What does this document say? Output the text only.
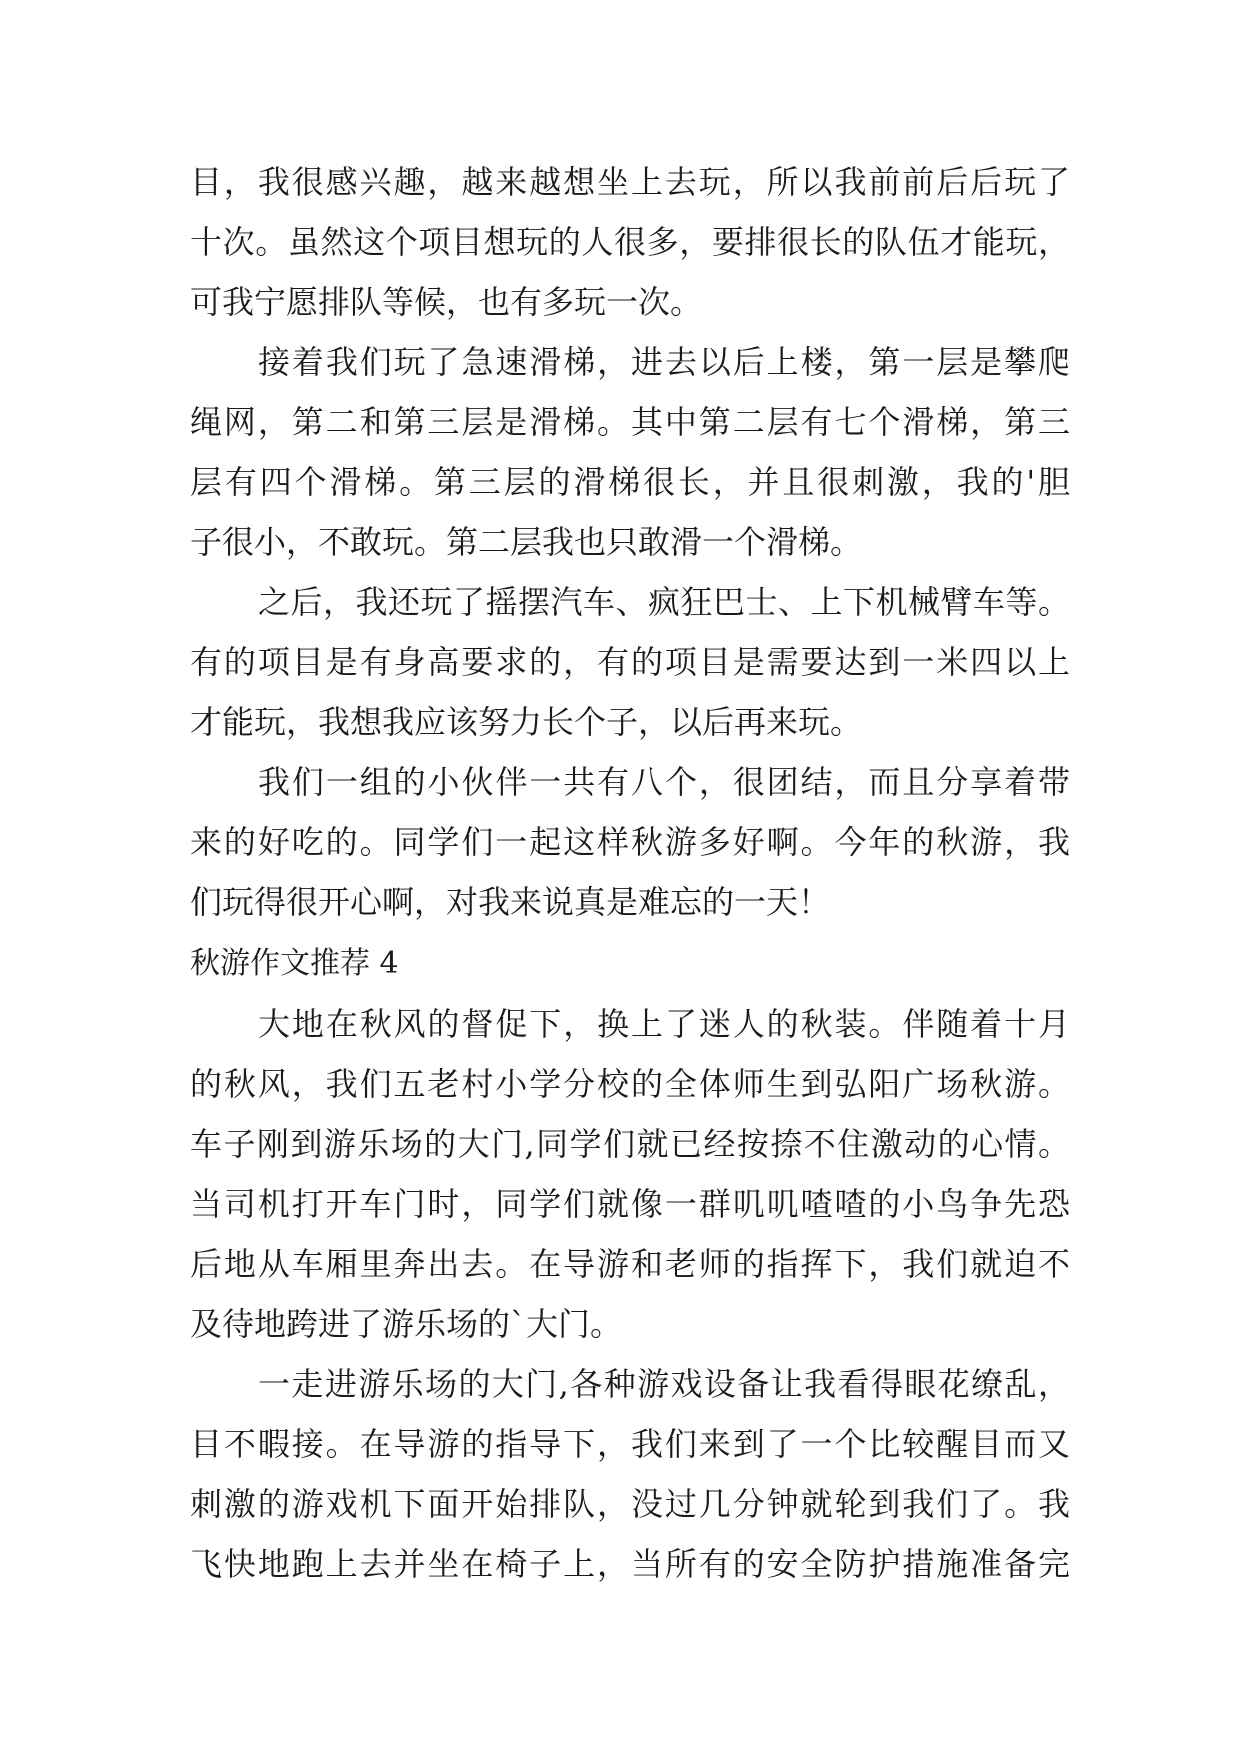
目，我很感兴趣，越来越想坐上去玩，所以我前前后后玩了
十次。虽然这个项目想玩的人很多，要排很长的队伍才能玩，
可我宁愿排队等候，也有多玩一次。
接着我们玩了急速滑梯，进去以后上楼，第一层是攀爬
绳网，第二和第三层是滑梯。其中第二层有七个滑梯，第三
层有四个滑梯。第三层的滑梯很长，并且很刺激，我的'胆
子很小，不敢玩。第二层我也只敢滑一个滑梯。
之后，我还玩了摇摆汽车、疯狂巴士、上下机械臂车等。
有的项目是有身高要求的，有的项目是需要达到一米四以上
才能玩，我想我应该努力长个子，以后再来玩。
我们一组的小伙伴一共有八个，很团结，而且分享着带
来的好吃的。同学们一起这样秋游多好啊。今年的秋游，我
们玩得很开心啊，对我来说真是难忘的一天！
秋游作文推荐 4
大地在秋风的督促下，换上了迷人的秋装。伴随着十月
的秋风，我们五老村小学分校的全体师生到弘阳广场秋游。
车子刚到游乐场的大门,同学们就已经按捺不住激动的心情。
当司机打开车门时，同学们就像一群叽叽喳喳的小鸟争先恐
后地从车厢里奔出去。在导游和老师的指挥下，我们就迫不
及待地跨进了游乐场的`大门。
一走进游乐场的大门,各种游戏设备让我看得眼花缭乱，
目不暇接。在导游的指导下，我们来到了一个比较醒目而又
刺激的游戏机下面开始排队，没过几分钟就轮到我们了。我
飞快地跑上去并坐在椅子上，当所有的安全防护措施准备完
